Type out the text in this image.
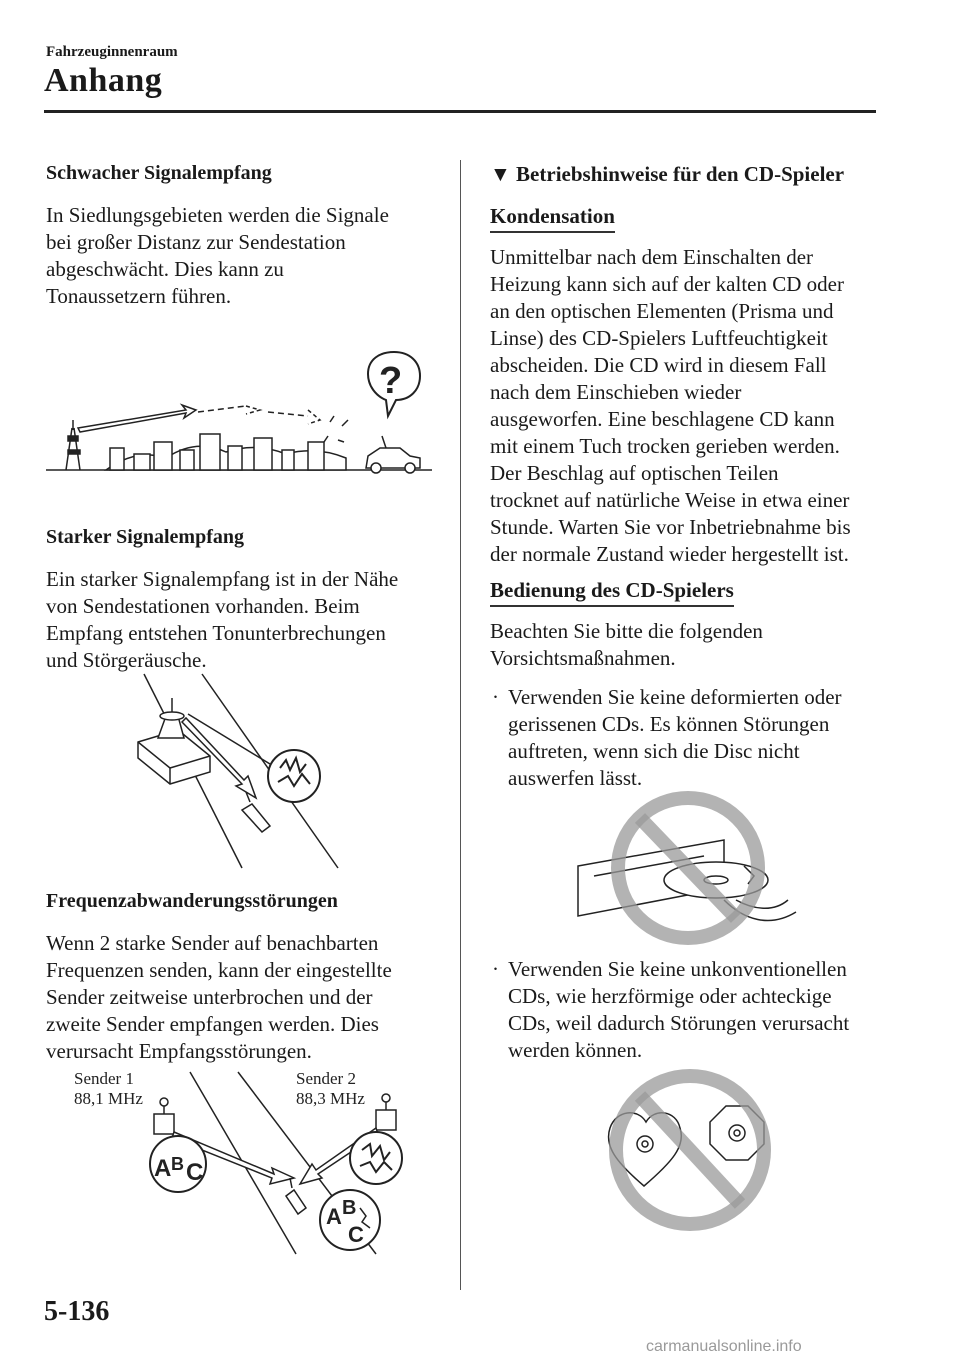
Fahrzeuginnenraum
Anhang
Schwacher Signalempfang
In Siedlungsgebieten werden die Signale
bei großer Distanz zur Sendestation
abgeschwächt. Dies kann zu
Tonaussetzern führen.
?
Starker Signalempfang
Ein starker Signalempfang ist in der Nähe
von Sendestationen vorhanden. Beim
Empfang entstehen Tonunterbrechungen
und Störgeräusche.
Frequenzabwanderungsstörungen
Wenn 2 starke Sender auf benachbarten
Frequenzen senden, kann der eingestellte
Sender zeitweise unterbrochen und der
zweite Sender empfangen werden. Dies
verursacht Empfangsstörungen.
Sender 1
88,1 MHz
Sender 2
88,3 MHz
A B C
A B
C
▼ Betriebshinweise für den CD-Spieler
Kondensation
Unmittelbar nach dem Einschalten der
Heizung kann sich auf der kalten CD oder
an den optischen Elementen (Prisma und
Linse) des CD-Spielers Luftfeuchtigkeit
abscheiden. Die CD wird in diesem Fall
nach dem Einschieben wieder
ausgeworfen. Eine beschlagene CD kann
mit einem Tuch trocken gerieben werden.
Der Beschlag auf optischen Teilen
trocknet auf natürliche Weise in etwa einer
Stunde. Warten Sie vor Inbetriebnahme bis
der normale Zustand wieder hergestellt ist.
Bedienung des CD-Spielers
Beachten Sie bitte die folgenden
Vorsichtsmaßnahmen.
· Verwenden Sie keine deformierten oder
gerissenen CDs. Es können Störungen
auftreten, wenn sich die Disc nicht
auswerfen lässt.
· Verwenden Sie keine unkonventionellen
CDs, wie herzförmige oder achteckige
CDs, weil dadurch Störungen verursacht
werden können.
5-136
carmanualsonline.info
